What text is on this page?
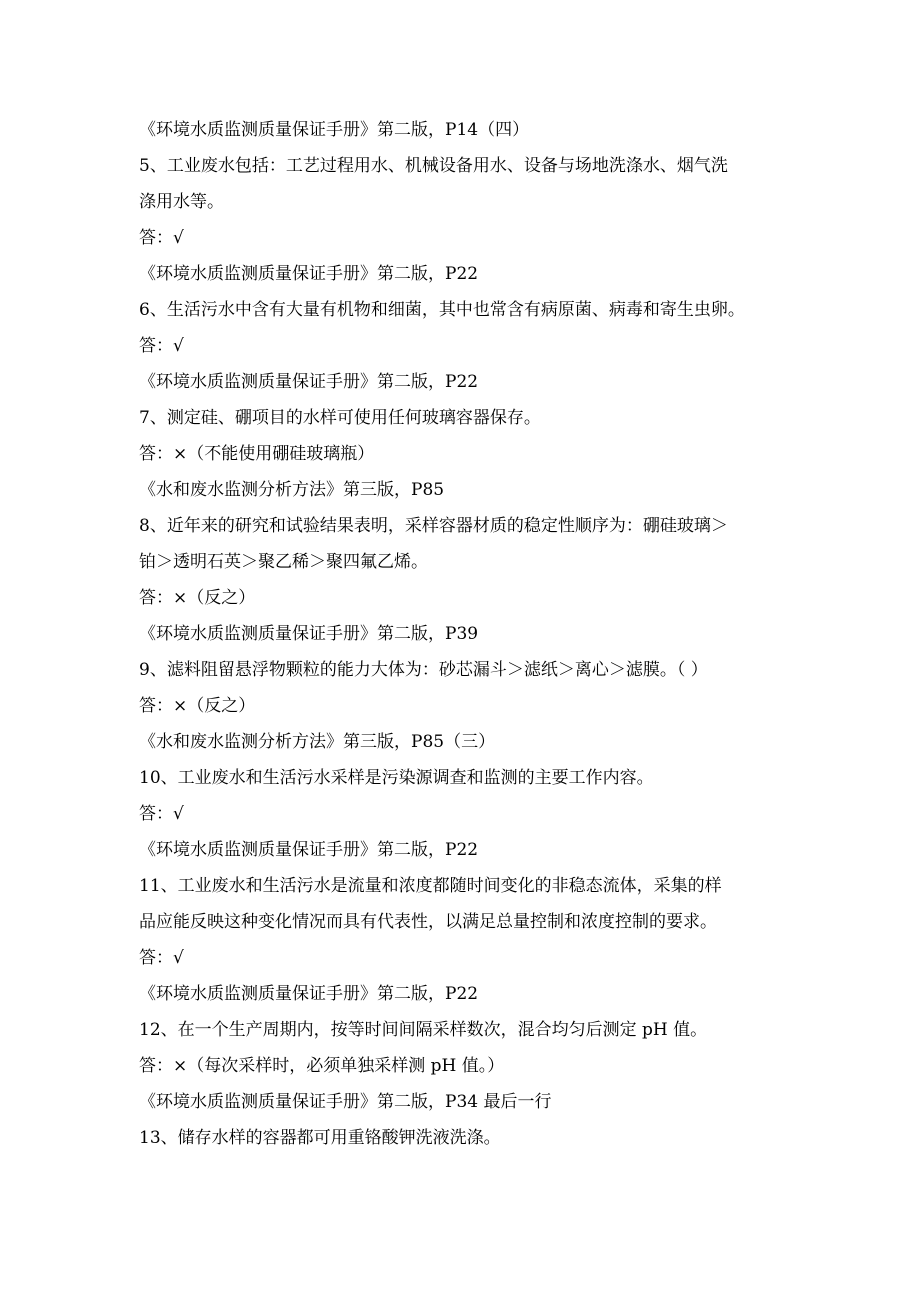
《环境水质监测质量保证手册》第二版，P14（四）
5、工业废水包括：工艺过程用水、机械设备用水、设备与场地洗涤水、烟气洗
涤用水等。
答：√
《环境水质监测质量保证手册》第二版，P22
6、生活污水中含有大量有机物和细菌，其中也常含有病原菌、病毒和寄生虫卵。
答：√
《环境水质监测质量保证手册》第二版，P22
7、测定硅、硼项目的水样可使用任何玻璃容器保存。
答：×（不能使用硼硅玻璃瓶）
《水和废水监测分析方法》第三版，P85
8、近年来的研究和试验结果表明，采样容器材质的稳定性顺序为：硼硅玻璃＞
铂＞透明石英＞聚乙稀＞聚四氟乙烯。
答：×（反之）
《环境水质监测质量保证手册》第二版，P39
9、滤料阻留悬浮物颗粒的能力大体为：砂芯漏斗＞滤纸＞离心＞滤膜。（ ）
答：×（反之）
《水和废水监测分析方法》第三版，P85（三）
10、工业废水和生活污水采样是污染源调查和监测的主要工作内容。
答：√
《环境水质监测质量保证手册》第二版，P22
11、工业废水和生活污水是流量和浓度都随时间变化的非稳态流体，采集的样
品应能反映这种变化情况而具有代表性，以满足总量控制和浓度控制的要求。
答：√
《环境水质监测质量保证手册》第二版，P22
12、在一个生产周期内，按等时间间隔采样数次，混合均匀后测定 pH 值。
答：×（每次采样时，必须单独采样测 pH 值。）
《环境水质监测质量保证手册》第二版，P34 最后一行
13、储存水样的容器都可用重铬酸钾洗液洗涤。
